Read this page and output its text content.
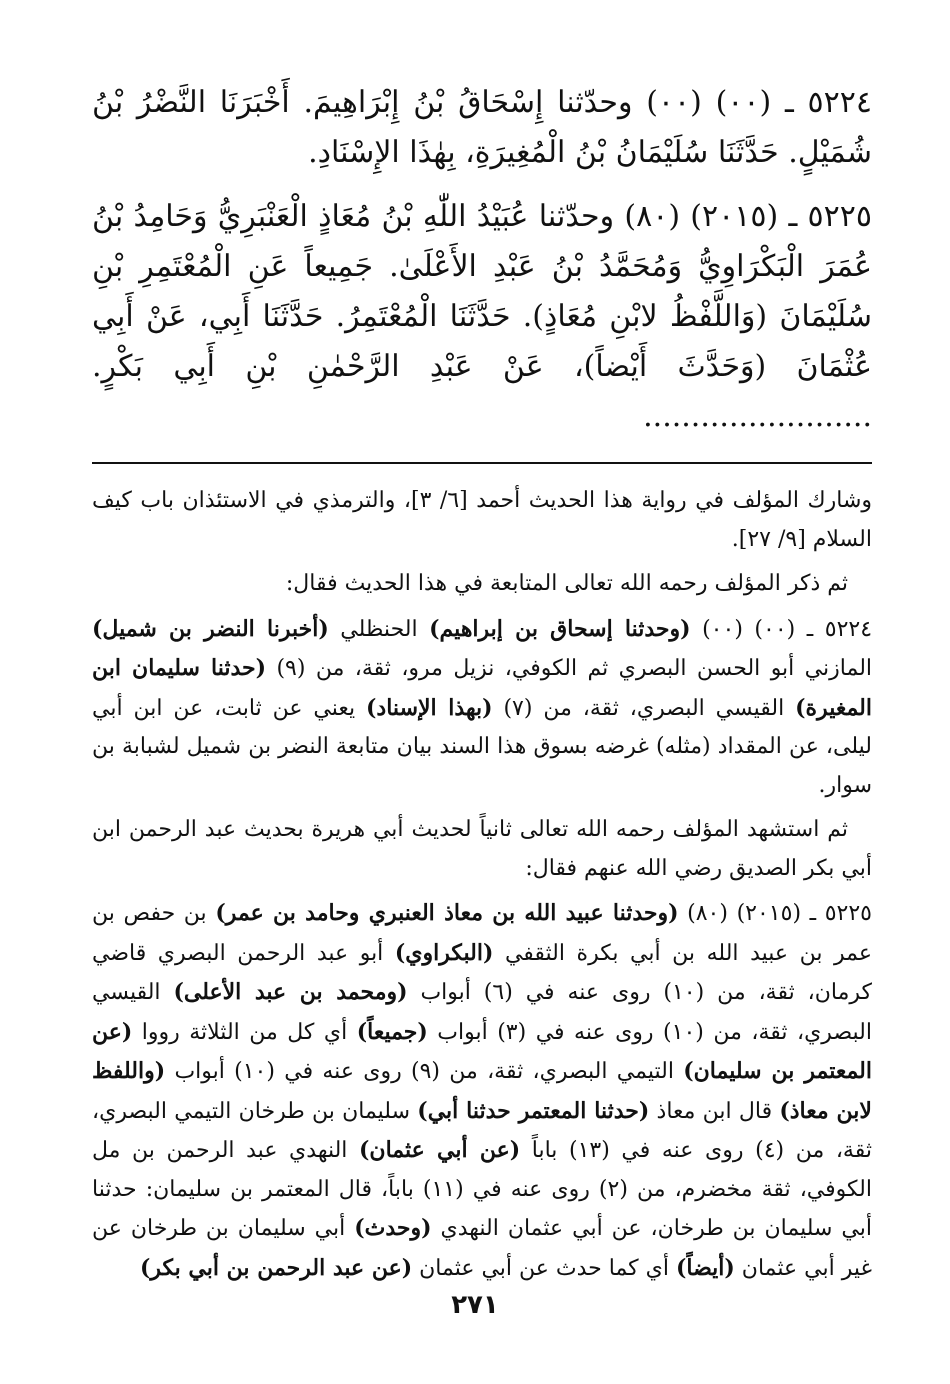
٥٢٢٤ ـ (٠٠) (٠٠) وحدّثنا إِسْحَاقُ بْنُ إِبْرَاهِيمَ. أَخْبَرَنَا النَّضْرُ بْنُ شُمَيْلٍ. حَدَّثَنَا سُلَيْمَانُ بْنُ الْمُغِيرَةِ، بِهٰذَا الإِسْنَادِ.

٥٢٢٥ ـ (٢٠١٥) (٨٠) وحدّثنا عُبَيْدُ اللّٰهِ بْنُ مُعَاذٍ الْعَنْبَرِيُّ وَحَامِدُ بْنُ عُمَرَ الْبَكْرَاوِيُّ وَمُحَمَّدُ بْنُ عَبْدِ الأَعْلَىٰ. جَمِيعاً عَنِ الْمُعْتَمِرِ بْنِ سُلَيْمَانَ (وَاللَّفْظُ لابْنِ مُعَاذٍ). حَدَّثَنَا الْمُعْتَمِرُ. حَدَّثَنَا أَبِي، عَنْ أَبِي عُثْمَانَ (وَحَدَّثَ أَيْضاً)، عَنْ عَبْدِ الرَّحْمٰنِ بْنِ أَبِي بَكْرٍ. ........................

وشارك المؤلف في رواية هذا الحديث أحمد [٦/ ٣]، والترمذي في الاستئذان باب كيف السلام [٩/ ٢٧].

ثم ذكر المؤلف رحمه الله تعالى المتابعة في هذا الحديث فقال:

٥٢٢٤ ـ (٠٠) (٠٠) (وحدثنا إسحاق بن إبراهيم) الحنظلي (أخبرنا النضر بن شميل) المازني أبو الحسن البصري ثم الكوفي، نزيل مرو، ثقة، من (٩) (حدثنا سليمان ابن المغيرة) القيسي البصري، ثقة، من (٧) (بهذا الإسناد) يعني عن ثابت، عن ابن أبي ليلى، عن المقداد (مثله) غرضه بسوق هذا السند بيان متابعة النضر بن شميل لشبابة بن سوار.

ثم استشهد المؤلف رحمه الله تعالى ثانياً لحديث أبي هريرة بحديث عبد الرحمن ابن أبي بكر الصديق رضي الله عنهم فقال:

٥٢٢٥ ـ (٢٠١٥) (٨٠) (وحدثنا عبيد الله بن معاذ العنبري وحامد بن عمر) بن حفص بن عمر بن عبيد الله بن أبي بكرة الثقفي (البكراوي) أبو عبد الرحمن البصري قاضي كرمان، ثقة، من (١٠) روى عنه في (٦) أبواب (ومحمد بن عبد الأعلى) القيسي البصري، ثقة، من (١٠) روى عنه في (٣) أبواب (جميعاً) أي كل من الثلاثة رووا (عن المعتمر بن سليمان) التيمي البصري، ثقة، من (٩) روى عنه في (١٠) أبواب (واللفظ لابن معاذ) قال ابن معاذ (حدثنا المعتمر حدثنا أبي) سليمان بن طرخان التيمي البصري، ثقة، من (٤) روى عنه في (١٣) باباً (عن أبي عثمان) النهدي عبد الرحمن بن مل الكوفي، ثقة مخضرم، من (٢) روى عنه في (١١) باباً، قال المعتمر بن سليمان: حدثنا أبي سليمان بن طرخان، عن أبي عثمان النهدي (وحدث) أبي سليمان بن طرخان عن غير أبي عثمان (أيضاً) أي كما حدث عن أبي عثمان (عن عبد الرحمن بن أبي بكر)

٢٧١
